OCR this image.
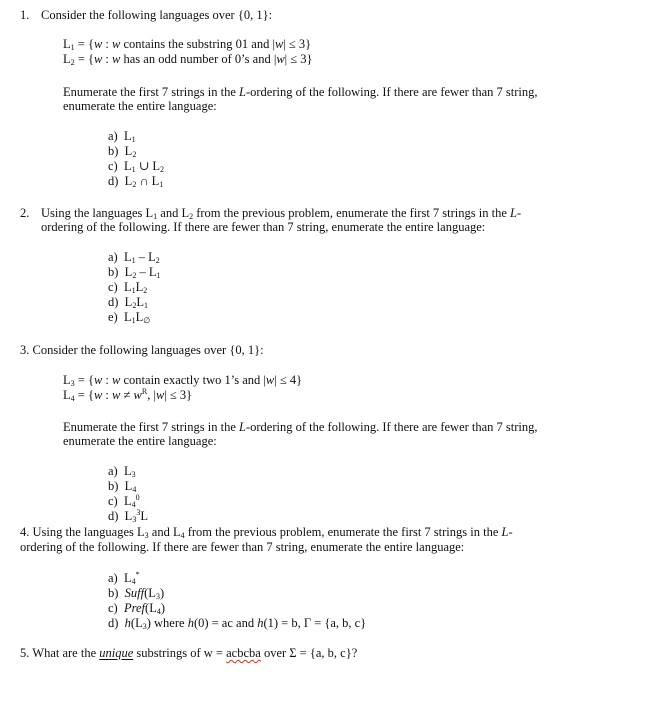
1. Consider the following languages over {0, 1}:
$L_1 = \{w$ : w contains the substring 01 and |w| ≤ 3}
$L_2 = \{w$ : w has an odd number of 0’s and |w| ≤ 3}
Enumerate the first 7 strings in the L-ordering of the following. If there are fewer than 7 string,
enumerate the entire language:
a)  $L_1$
b)  $L_2$
c)  $L_1$ ∪ $L_2$
d)  $L_2$ ∩ $L_1$
2. Using the languages $L_1$ and $L_2$ from the previous problem, enumerate the first 7 strings in the L-
ordering of the following. If there are fewer than 7 string, enumerate the entire language:
a)  $L_1 - L_2$
b)  $L_2 - L_1$
c)  $L_1L_2$
d)  $L_2L_1$
e)  $L_1L_\emptyset$
3. Consider the following languages over {0, 1}:
$L_3 = \{w$ : w contain exactly two 1’s and |w| ≤ 4}
$L_4 = \{w$ : $w \ne w^R$, |w| ≤ 3}
Enumerate the first 7 strings in the L-ordering of the following. If there are fewer than 7 string,
enumerate the entire language:
a)  $L_3$
b)  $L_4$
c)  $L_4^0$
d)  $L_3^3L$
4. Using the languages $L_3$ and $L_4$ from the previous problem, enumerate the first 7 strings in the L-
ordering of the following. If there are fewer than 7 string, enumerate the entire language:
a)  $L_4^*$
b)  $Suff(L_3)$
c)  $Pref(L_4)$
d)  $h(L_3)$ where h(0) = ac and h(1) = b, Γ = {a, b, c}
5. What are the unique substrings of w = acbcba over Σ = {a, b, c}?
